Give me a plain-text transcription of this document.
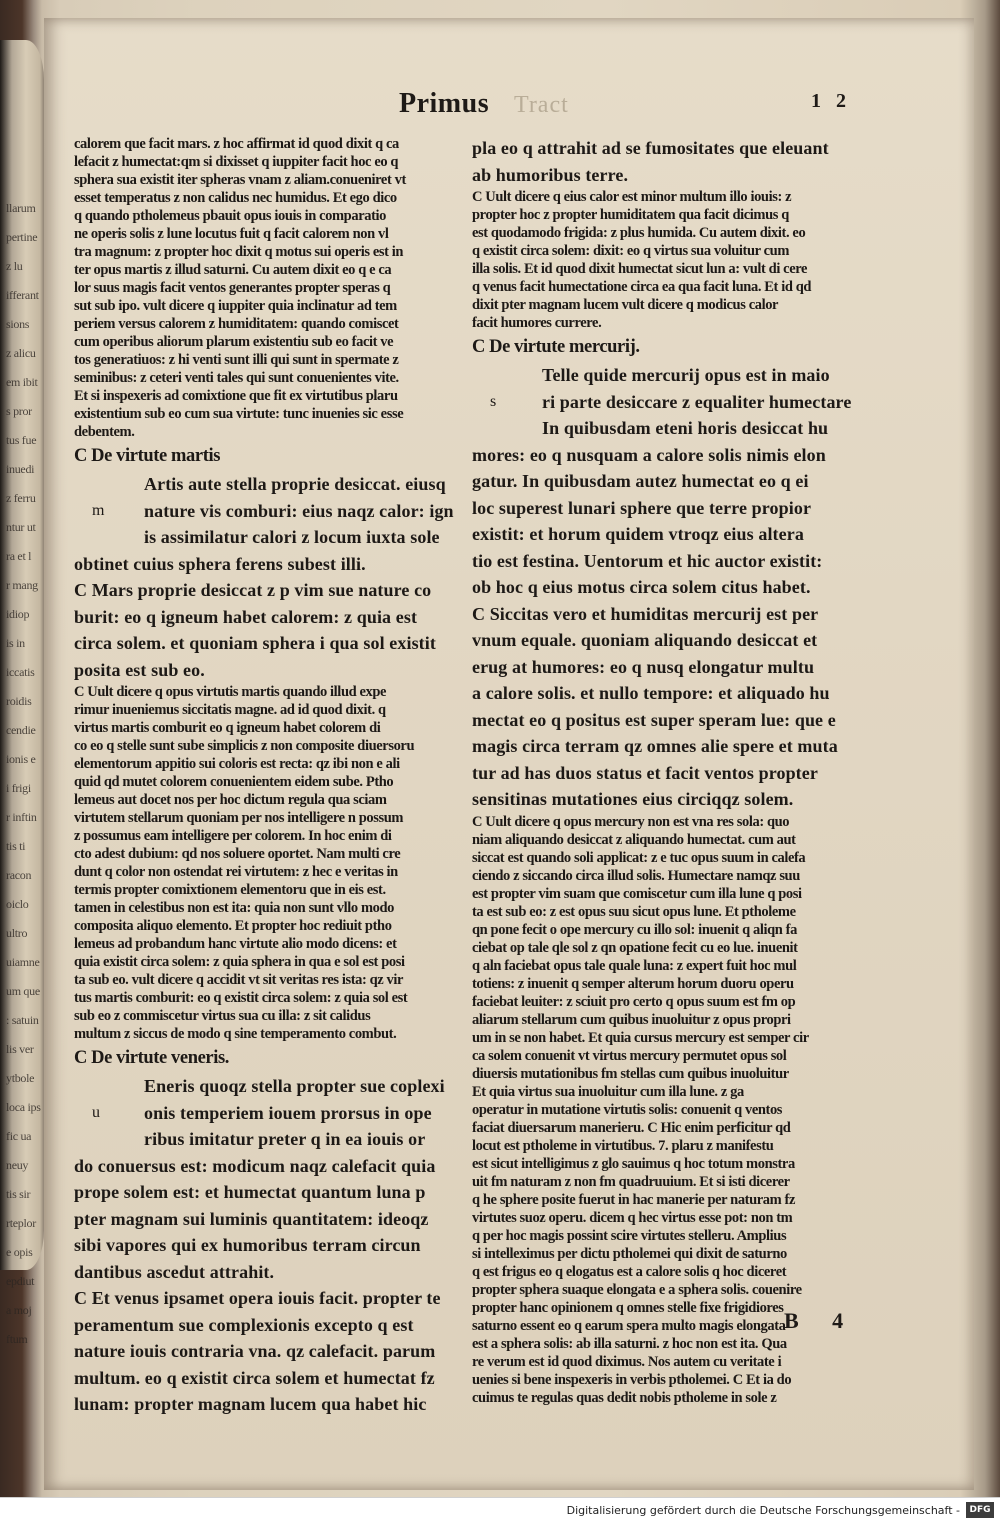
llarum
pertine
z lu
ifferant
sions
z alicu
em ibit
s pror
tus fue
inuedi
z ferru
ntur ut
ra et l
r mang
idiop
is in
iccatis
roidis
cendie
ionis e
i frigi
r inftin
tis ti
racon
oiclo
ultro
uiamne
um que
: satuin
lis ver
ytbole
loca ips
fic ua
neuy
tis sir
rteplor
e opis
epdiut
a moj
ftum
Primus Tract	1 2
calorem que facit mars. z hoc affirmat id quod dixit q ca
lefacit z humectat:qm si dixisset q iuppiter facit hoc eo q
sphera sua existit iter spheras vnam z aliam.conueniret vt
esset temperatus z non calidus nec humidus. Et ego dico
q quando ptholemeus pbauit opus iouis in comparatio
ne operis solis z lune locutus fuit q facit calorem non vl
tra magnum: z propter hoc dixit q motus sui operis est in
ter opus martis z illud saturni. Cu autem dixit eo q e ca
lor suus magis facit ventos generantes propter speras q
sut sub ipo. vult dicere q iuppiter quia inclinatur ad tem
periem versus calorem z humiditatem: quando comiscet
cum operibus aliorum plarum existentiu sub eo facit ve
tos generatiuos: z hi venti sunt illi qui sunt in spermate z
seminibus: z ceteri venti tales qui sunt conuenientes vite.
Et si inspexeris ad comixtione que fit ex virtutibus plaru
existentium sub eo cum sua virtute: tunc inuenies sic esse
debentem.
C De virtute martis
Artis aute stella proprie desiccat. eiusq
nature vis comburi: eius naqz calor: ign
m
is assimilatur calori z locum iuxta sole
obtinet cuius sphera ferens subest illi.
C Mars proprie desiccat z p vim sue nature co
burit: eo q igneum habet calorem: z quia est
circa solem. et quoniam sphera i qua sol existit
posita est sub eo.
C Uult dicere q opus virtutis martis quando illud expe
rimur inueniemus siccitatis magne. ad id quod dixit. q
virtus martis comburit eo q igneum habet colorem di
co eo q stelle sunt sube simplicis z non composite diuersoru
elementorum appitio sui coloris est recta: qz ibi non e ali
quid qd mutet colorem conuenientem eidem sube. Ptho
lemeus aut docet nos per hoc dictum regula qua sciam
virtutem stellarum quoniam per nos intelligere n possum
z possumus eam intelligere per colorem. In hoc enim di
cto adest dubium: qd nos soluere oportet. Nam multi cre
dunt q color non ostendat rei virtutem: z hec e veritas in
termis propter comixtionem elementoru que in eis est.
tamen in celestibus non est ita: quia non sunt vllo modo
composita aliquo elemento. Et propter hoc rediuit ptho
lemeus ad probandum hanc virtute alio modo dicens: et
quia existit circa solem: z quia sphera in qua e sol est posi
ta sub eo. vult dicere q accidit vt sit veritas res ista: qz vir
tus martis comburit: eo q existit circa solem: z quia sol est
sub eo z commiscetur virtus sua cu illa: z sit calidus
multum z siccus de modo q sine temperamento combut.
C De virtute veneris.
Eneris quoqz stella propter sue coplexi
onis temperiem iouem prorsus in ope
u
ribus imitatur preter q in ea iouis or
do conuersus est: modicum naqz calefacit quia
prope solem est: et humectat quantum luna p
pter magnam sui luminis quantitatem: ideoqz
sibi vapores qui ex humoribus terram circun
dantibus ascedut attrahit.
C Et venus ipsamet opera iouis facit. propter te
peramentum sue complexionis excepto q est
nature iouis contraria vna. qz calefacit. parum
multum. eo q existit circa solem et humectat fz
lunam: propter magnam lucem qua habet hic
pla eo q attrahit ad se fumositates que eleuant
ab humoribus terre.
C Uult dicere q eius calor est minor multum illo iouis: z
propter hoc z propter humiditatem qua facit dicimus q
est quodamodo frigida: z plus humida. Cu autem dixit. eo
q existit circa solem: dixit: eo q virtus sua voluitur cum
illa solis. Et id quod dixit humectat sicut lun a: vult di cere
q venus facit humectatione circa ea qua facit luna. Et id qd
dixit pter magnam lucem vult dicere q modicus calor
facit humores currere.
C De virtute mercurij.
Telle quide mercurij opus est in maio
ri parte desiccare z equaliter humectare
s
In quibusdam eteni horis desiccat hu
mores: eo q nusquam a calore solis nimis elon
gatur. In quibusdam autez humectat eo q ei
loc superest lunari sphere que terre propior
existit: et horum quidem vtroqz eius altera
tio est festina. Uentorum et hic auctor existit:
ob hoc q eius motus circa solem citus habet.
C Siccitas vero et humiditas mercurij est per
vnum equale. quoniam aliquando desiccat et
erug at humores: eo q nusq elongatur multu
a calore solis. et nullo tempore: et aliquado hu
mectat eo q positus est super speram lue: que e
magis circa terram qz omnes alie spere et muta
tur ad has duos status et facit ventos propter
sensitinas mutationes eius circiqqz solem.
C Uult dicere q opus mercury non est vna res sola: quo
niam aliquando desiccat z aliquando humectat. cum aut
siccat est quando soli applicat: z e tuc opus suum in calefa
ciendo z siccando circa illud solis. Humectare namqz suu
est propter vim suam que comiscetur cum illa lune q posi
ta est sub eo: z est opus suu sicut opus lune. Et ptholeme
qn pone fecit o ope mercury cu illo sol: inuenit q aliqn fa
ciebat op tale qle sol z qn opatione fecit cu eo lue. inuenit
q aln faciebat opus tale quale luna: z expert fuit hoc mul
totiens: z inuenit q semper alterum horum duoru operu
faciebat leuiter: z sciuit pro certo q opus suum est fm op
aliarum stellarum cum quibus inuoluitur z opus propri
um in se non habet. Et quia cursus mercury est semper cir
ca solem conuenit vt virtus mercury permutet opus sol
diuersis mutationibus fm stellas cum quibus inuoluitur
Et quia virtus sua inuoluitur cum illa lune. z ga
operatur in mutatione virtutis solis: conuenit q ventos
faciat diuersarum manerieru. C Hic enim perficitur qd
locut est ptholeme in virtutibus. 7. plaru z manifestu
est sicut intelligimus z glo sauimus q hoc totum monstra
uit fm naturam z non fm quadruuium. Et si isti dicerer
q he sphere posite fuerut in hac manerie per naturam fz
virtutes suoz operu. dicem q hec virtus esse pot: non tm
q per hoc magis possint scire virtutes stelleru. Amplius
si intelleximus per dictu ptholemei qui dixit de saturno
q est frigus eo q elogatus est a calore solis q hoc diceret
propter sphera suaque elongata e a sphera solis. couenire
propter hanc opinionem q omnes stelle fixe frigidiores
saturno essent eo q earum spera multo magis elongata
est a sphera solis: ab illa saturni. z hoc non est ita. Qua
re verum est id quod diximus. Nos autem cu veritate i
uenies si bene inspexeris in verbis ptholemei. C Et ia do
cuimus te regulas quas dedit nobis ptholeme in sole z
B 4
Digitalisierung gefördert durch die Deutsche Forschungsgemeinschaft -	DFG
